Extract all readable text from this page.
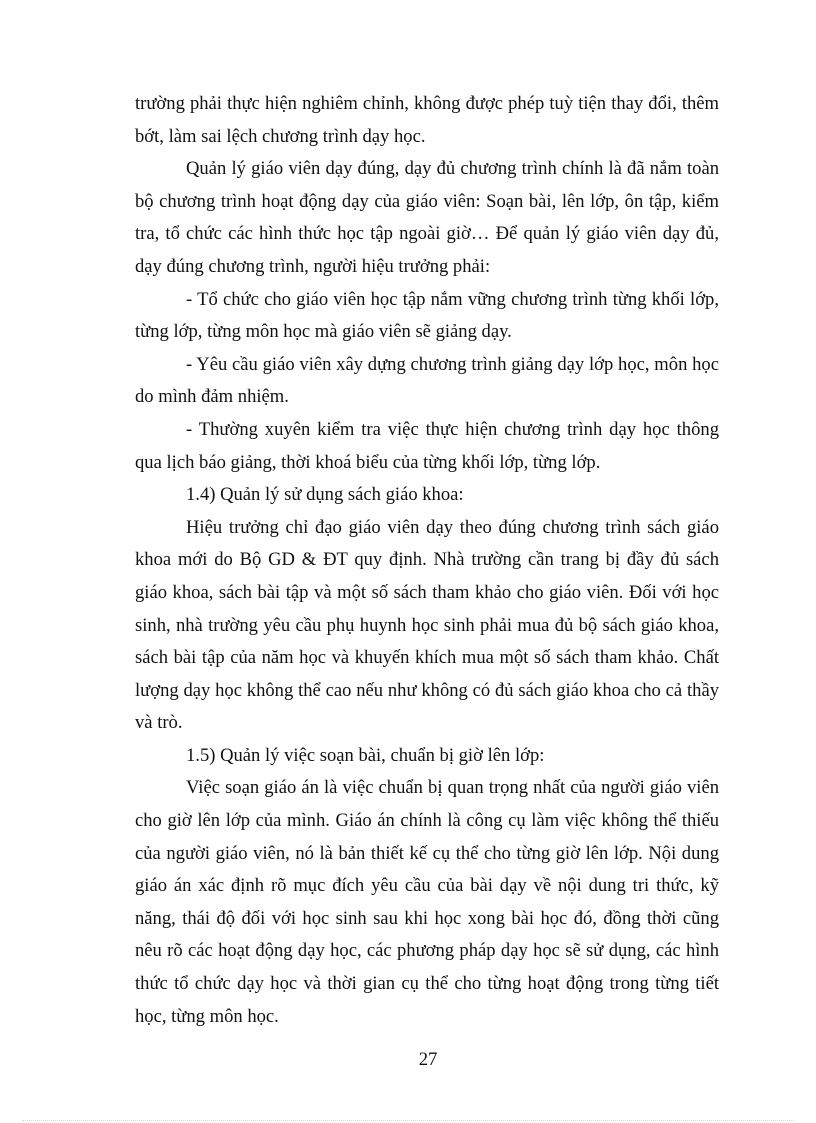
trường phải thực hiện nghiêm chỉnh, không được phép tuỳ tiện thay đổi, thêm bớt, làm sai lệch chương trình dạy học.

Quản lý giáo viên dạy đúng, dạy đủ chương trình chính là đã nắm toàn bộ chương trình hoạt động dạy của giáo viên: Soạn bài, lên lớp, ôn tập, kiểm tra, tổ chức các hình thức học tập ngoài giờ… Để quản lý giáo viên dạy đủ, dạy đúng chương trình, người hiệu trưởng phải:

- Tổ chức cho giáo viên học tập nắm vững chương trình từng khối lớp, từng lớp, từng môn học mà giáo viên sẽ giảng dạy.

- Yêu cầu giáo viên xây dựng chương trình giảng dạy lớp học, môn học do mình đảm nhiệm.

- Thường xuyên kiểm tra việc thực hiện chương trình dạy học thông qua lịch báo giảng, thời khoá biểu của từng khối lớp, từng lớp.

1.4) Quản lý sử dụng sách giáo khoa:

Hiệu trưởng chỉ đạo giáo viên dạy theo đúng chương trình sách giáo khoa mới do Bộ GD & ĐT quy định. Nhà trường cần trang bị đầy đủ sách giáo khoa, sách bài tập và một số sách tham khảo cho giáo viên. Đối với học sinh, nhà trường yêu cầu phụ huynh học sinh phải mua đủ bộ sách giáo khoa, sách bài tập của năm học và khuyến khích mua một số sách tham khảo. Chất lượng dạy học không thể cao nếu như không có đủ sách giáo khoa cho cả thầy và trò.

1.5) Quản lý việc soạn bài, chuẩn bị giờ lên lớp:

Việc soạn giáo án là việc chuẩn bị quan trọng nhất của người giáo viên cho giờ lên lớp của mình. Giáo án chính là công cụ làm việc không thể thiếu của người giáo viên, nó là bản thiết kế cụ thể cho từng giờ lên lớp. Nội dung giáo án xác định rõ mục đích yêu cầu của bài dạy về nội dung tri thức, kỹ năng, thái độ đối với học sinh sau khi học xong bài học đó, đồng thời cũng nêu rõ các hoạt động dạy học, các phương pháp dạy học sẽ sử dụng, các hình thức tổ chức dạy học và thời gian cụ thể cho từng hoạt động trong từng tiết học, từng môn học.

27
